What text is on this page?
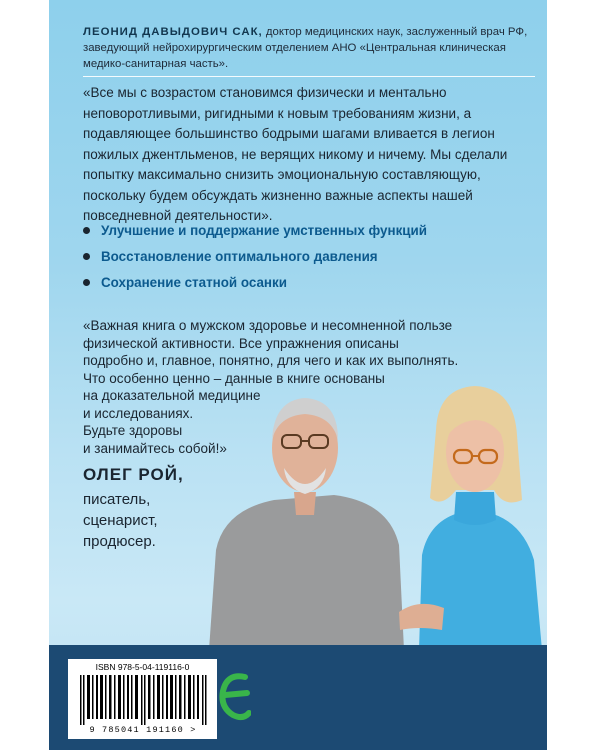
ЛЕОНИД ДАВЫДОВИЧ САК, доктор медицинских наук, заслуженный врач РФ, заведующий нейрохирургическим отделением АНО «Центральная клиническая медико-санитарная часть».

«Все мы с возрастом становимся физически и ментально неповоротливыми, ригидными к новым требованиям жизни, а подавляющее большинство бодрыми шагами вливается в легион пожилых джентльменов, не верящих никому и ничему. Мы сделали попытку максимально снизить эмоциональную составляющую, поскольку будем обсуждать жизненно важные аспекты нашей повседневной деятельности».

Улучшение и поддержание умственных функций
Восстановление оптимального давления
Сохранение статной осанки

«Важная книга о мужском здоровье и несомненной пользе
физической активности. Все упражнения описаны
подробно и, главное, понятно, для чего и как их выполнять.
Что особенно ценно – данные в книге основаны
на доказательной медицине
и исследованиях.
Будьте здоровы
и занимайтесь собой!»

ОЛЕГ РОЙ,
писатель,
сценарист,
продюсер.
ISBN 978-5-04-119116-0
9 785041 191160 >
